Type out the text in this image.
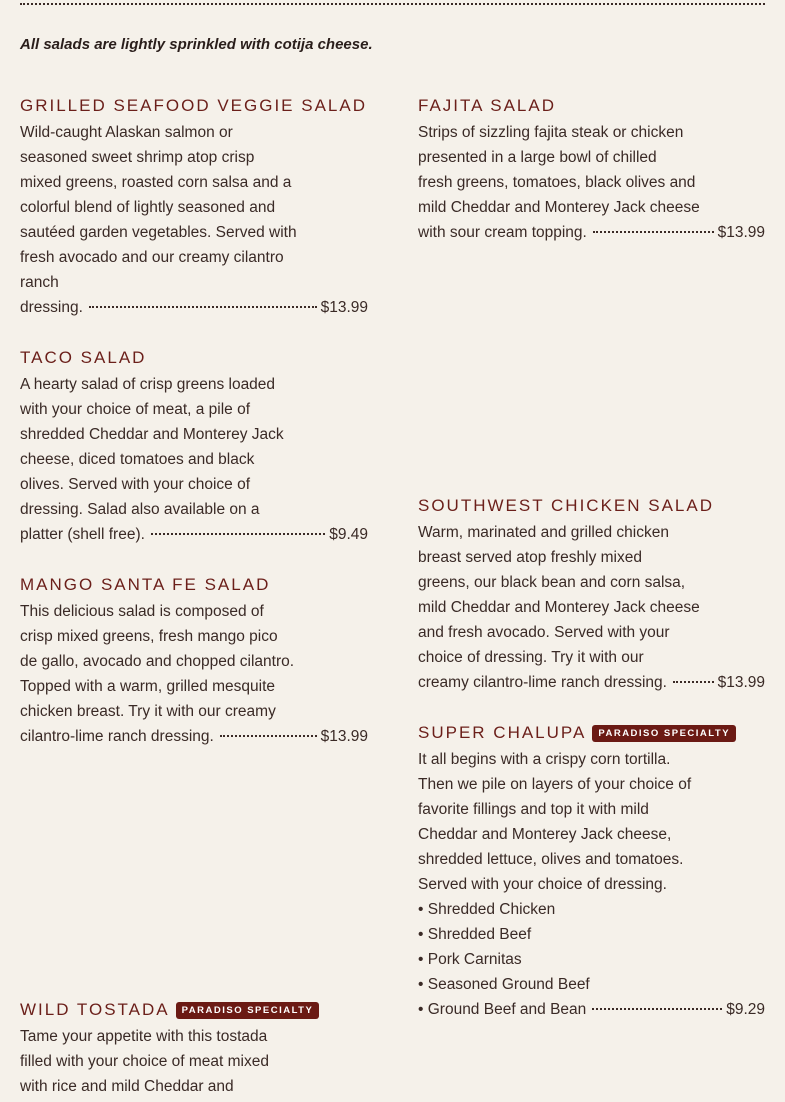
All salads are lightly sprinkled with cotija cheese.
GRILLED SEAFOOD VEGGIE SALAD
Wild-caught Alaskan salmon or
seasoned sweet shrimp atop crisp
mixed greens, roasted corn salsa and a
colorful blend of lightly seasoned and
sautéed garden vegetables. Served with
fresh avocado and our creamy cilantro
ranch
dressing.	$13.99
TACO SALAD
A hearty salad of crisp greens loaded
with your choice of meat, a pile of
shredded Cheddar and Monterey Jack
cheese, diced tomatoes and black
olives. Served with your choice of
dressing. Salad also available on a
platter (shell free).	$9.49
MANGO SANTA FE SALAD
This delicious salad is composed of
crisp mixed greens, fresh mango pico
de gallo, avocado and chopped cilantro.
Topped with a warm, grilled mesquite
chicken breast. Try it with our creamy
cilantro-lime ranch dressing.	$13.99
WILD TOSTADA	PARADISO SPECIALTY
Tame your appetite with this tostada
filled with your choice of meat mixed
with rice and mild Cheddar and
FAJITA SALAD
Strips of sizzling fajita steak or chicken
presented in a large bowl of chilled
fresh greens, tomatoes, black olives and
mild Cheddar and Monterey Jack cheese
with sour cream topping.	$13.99
SOUTHWEST CHICKEN SALAD
Warm, marinated and grilled chicken
breast served atop freshly mixed
greens, our black bean and corn salsa,
mild Cheddar and Monterey Jack cheese
and fresh avocado. Served with your
choice of dressing. Try it with our
creamy cilantro-lime ranch dressing.	$13.99
SUPER CHALUPA	PARADISO SPECIALTY
It all begins with a crispy corn tortilla.
Then we pile on layers of your choice of
favorite fillings and top it with mild
Cheddar and Monterey Jack cheese,
shredded lettuce, olives and tomatoes.
Served with your choice of dressing.
• Shredded Chicken
• Shredded Beef
• Pork Carnitas
• Seasoned Ground Beef
• Ground Beef and Bean	$9.29
